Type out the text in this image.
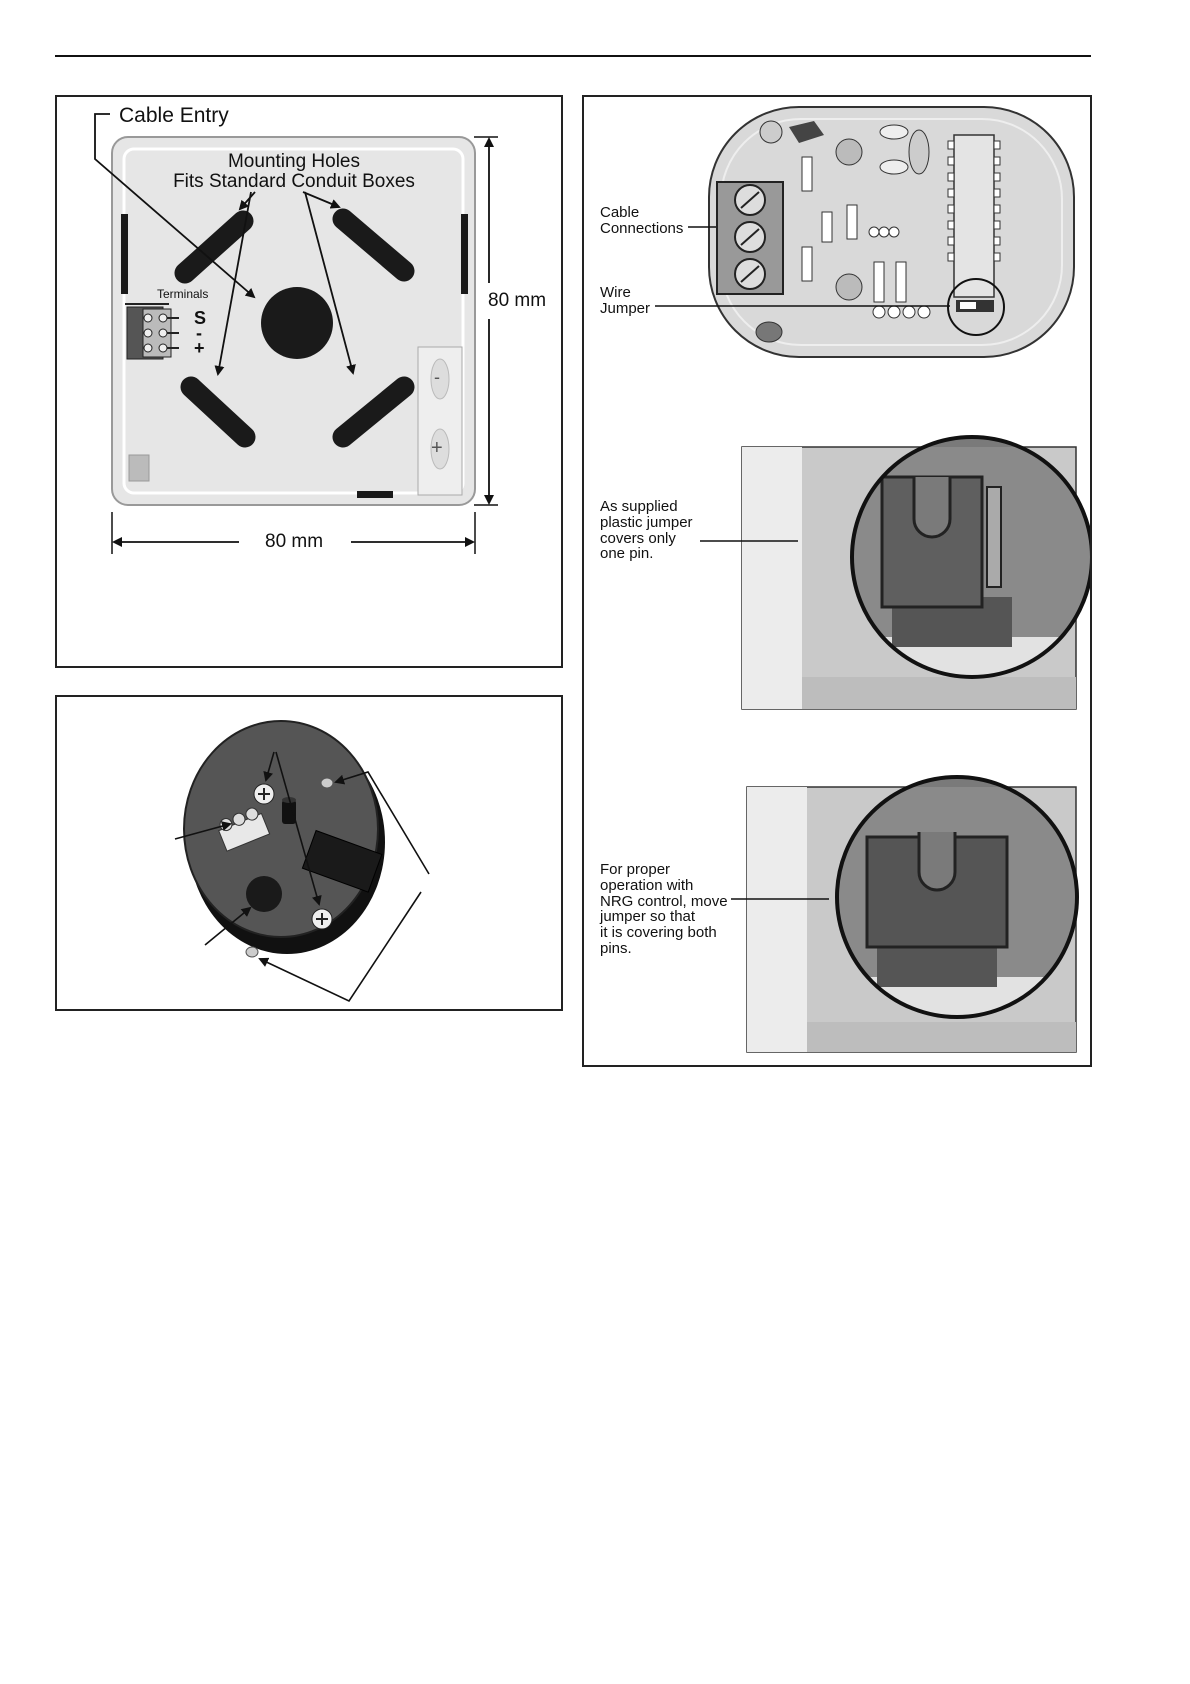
Cable Entry
Mounting Holes
Fits Standard Conduit Boxes
Terminals
S
-
+
-
+
80 mm
80 mm
Cable
Connections
Wire
Jumper
As supplied
plastic jumper
covers only
one pin.
For proper
operation with
NRG control, move
jumper so that
it is covering both
pins.
